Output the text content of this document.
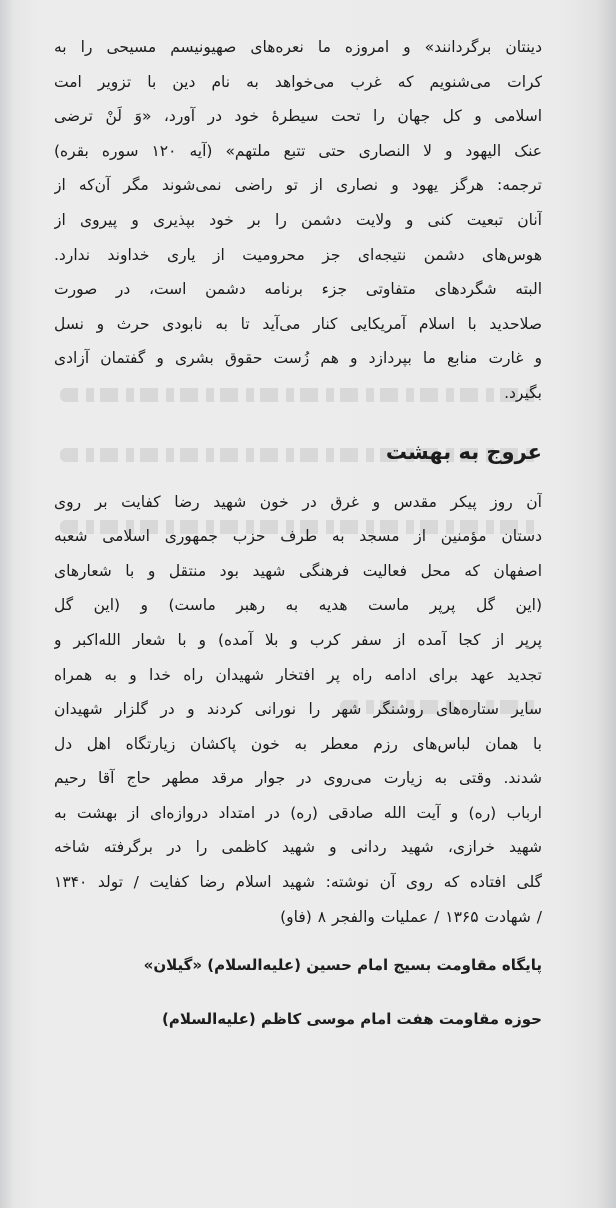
دینتان برگردانند» و امروزه ما نعره‌های صهیونیسم مسیحی را به
کرات می‌شنویم که غرب می‌خواهد به نام دین با تزویر امت
اسلامی و کل جهان را تحت سیطرهٔ خود در آورد، «وَ لَنْ ترضی
عنک الیهود و لا النصاری حتی تتبع ملتهم» (آیه ۱۲۰ سوره بقره)
ترجمه: هرگز یهود و نصاری از تو راضی نمی‌شوند مگر آن‌که از
آنان تبعیت کنی و ولایت دشمن را بر خود بپذیری و پیروی از
هوس‌های دشمن نتیجه‌ای جز محرومیت از یاری خداوند ندارد.
البته شگردهای متفاوتی جزء برنامه دشمن است، در صورت
صلاحدید با اسلام آمریکایی کنار می‌آید تا به نابودی حرث و نسل
و غارت منابع ما بپردازد و هم زُست حقوق بشری و گفتمان آزادی
بگیرد.
عروج به بهشت
آن روز پیکر مقدس و غرق در خون شهید رضا کفایت بر روی
دستان مؤمنین از مسجد به طرف حزب جمهوری اسلامی شعبه
اصفهان که محل فعالیت فرهنگی شهید بود منتقل و با شعارهای
(این گل پرپر ماست هدیه به رهبر ماست) و (این گل
پرپر از کجا آمده از سفر کرب و بلا آمده) و با شعار الله‌اکبر و
تجدید عهد برای ادامه راه پر افتخار شهیدان راه خدا و به همراه
سایر ستاره‌های روشنگر شهر را نورانی کردند و در گلزار شهیدان
با همان لباس‌های رزم معطر به خون پاکشان زیارتگاه اهل دل
شدند. وقتی به زیارت می‌روی در جوار مرقد مطهر حاج آقا رحیم
ارباب (ره) و آیت الله صادقی (ره) در امتداد دروازه‌ای از بهشت به
شهید خرازی، شهید ردانی و شهید کاظمی را در برگرفته شاخه
گلی افتاده که روی آن نوشته: شهید اسلام رضا کفایت / تولد ۱۳۴۰
/ شهادت ۱۳۶۵ / عملیات والفجر ۸ (فاو)
پایگاه مقاومت بسیج امام حسین (علیه‌السلام) «گیلان»
حوزه مقاومت هفت امام موسی کاظم (علیه‌السلام)
